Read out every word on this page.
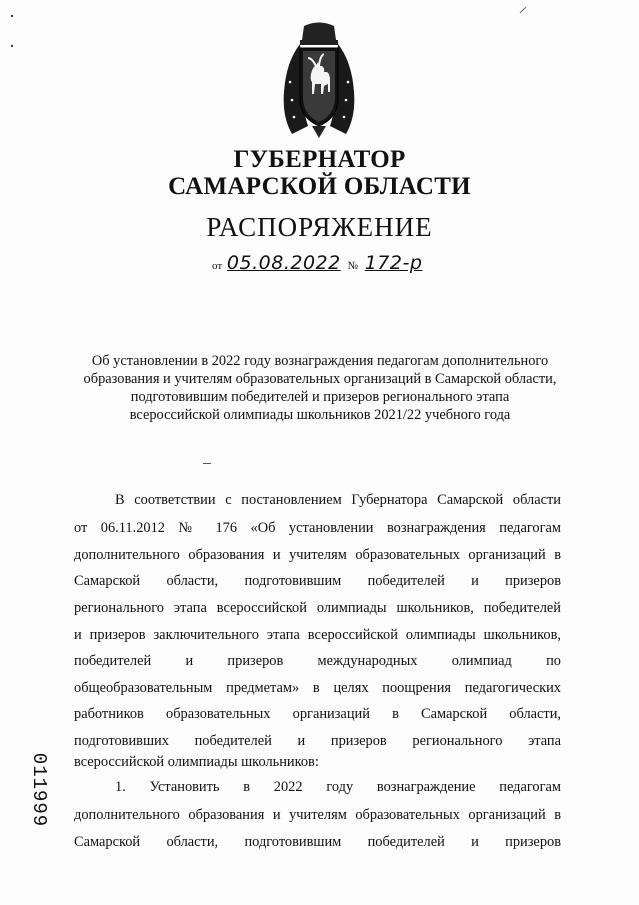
ГУБЕРНАТОР
САМАРСКОЙ ОБЛАСТИ
РАСПОРЯЖЕНИЕ
от 05.08.2022 № 172-р
Об установлении в 2022 году вознаграждения педагогам дополнительного
образования и учителям образовательных организаций в Самарской области,
подготовившим победителей и призеров регионального этапа
всероссийской олимпиады школьников 2021/22 учебного года
В соответствии с постановлением Губернатора Самарской области
от 06.11.2012 № 176 «Об установлении вознаграждения педагогам
дополнительного образования и учителям образовательных организаций в
Самарской области, подготовившим победителей и призеров
регионального этапа всероссийской олимпиады школьников, победителей
и призеров заключительного этапа всероссийской олимпиады школьников,
победителей и призеров международных олимпиад по
общеобразовательным предметам» в целях поощрения педагогических
работников образовательных организаций в Самарской области,
подготовивших победителей и призеров регионального этапа
всероссийской олимпиады школьников:
1. Установить в 2022 году вознаграждение педагогам
дополнительного образования и учителям образовательных организаций в
Самарской области, подготовившим победителей и призеров
011999
